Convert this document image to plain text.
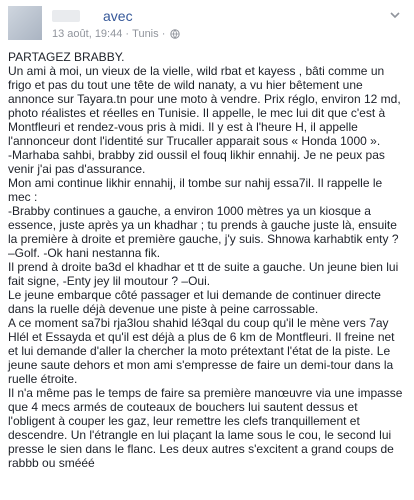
avec
13 août, 19:44 · Tunis ·

PARTAGEZ BRABBY.

Un ami à moi, un vieux de la vielle, wild rbat et kayess , bâti comme un frigo et pas du tout une tête de wild nanaty, a vu hier bêtement une annonce sur Tayara.tn pour une moto à vendre. Prix réglo, environ 12 md, photo réalistes et réelles en Tunisie. Il appelle, le mec lui dit que c'est à Montfleuri et rendez-vous pris à midi. Il y est à l'heure H, il appelle l'annonceur dont l'identité sur Trucaller apparait sous « Honda 1000 ».

-Marhaba sahbi, brabby zid oussil el fouq likhir ennahij. Je ne peux pas venir j'ai pas d'assurance.

Mon ami continue likhir ennahij, il tombe sur nahij essa7il. Il rappelle le mec :

-Brabby continues a gauche, a environ 1000 mètres ya un kiosque a essence, juste après ya un khadhar ; tu prends à gauche juste là, ensuite la première à droite et première gauche, j'y suis. Shnowa karhabtik enty ? –Golf. -Ok hani nestanna fik.

Il prend à droite ba3d el khadhar et tt de suite a gauche. Un jeune bien lui fait signe, -Enty jey lil moutour ? –Oui.

Le jeune embarque côté passager et lui demande de continuer directe dans la ruelle déjà devenue une piste à peine carrossable.

A ce moment sa7bi rja3lou shahid lé3qal du coup qu'il le mène vers 7ay Hlél et Essayda et qu'il est déjà a plus de 6 km de Montfleuri. Il freine net et lui demande d'aller la chercher la moto prétextant l'état de la piste. Le jeune saute dehors et mon ami s'empresse de faire un demi-tour dans la ruelle étroite.

Il n'a même pas le temps de faire sa première manœuvre via une impasse que 4 mecs armés de couteaux de bouchers lui sautent dessus et l'obligent à couper les gaz, leur remettre les clefs tranquillement et descendre. Un l'étrangle en lui plaçant la lame sous le cou, le second lui presse le sien dans le flanc. Les deux autres s'excitent a grand coups de rabbb ou smééé
